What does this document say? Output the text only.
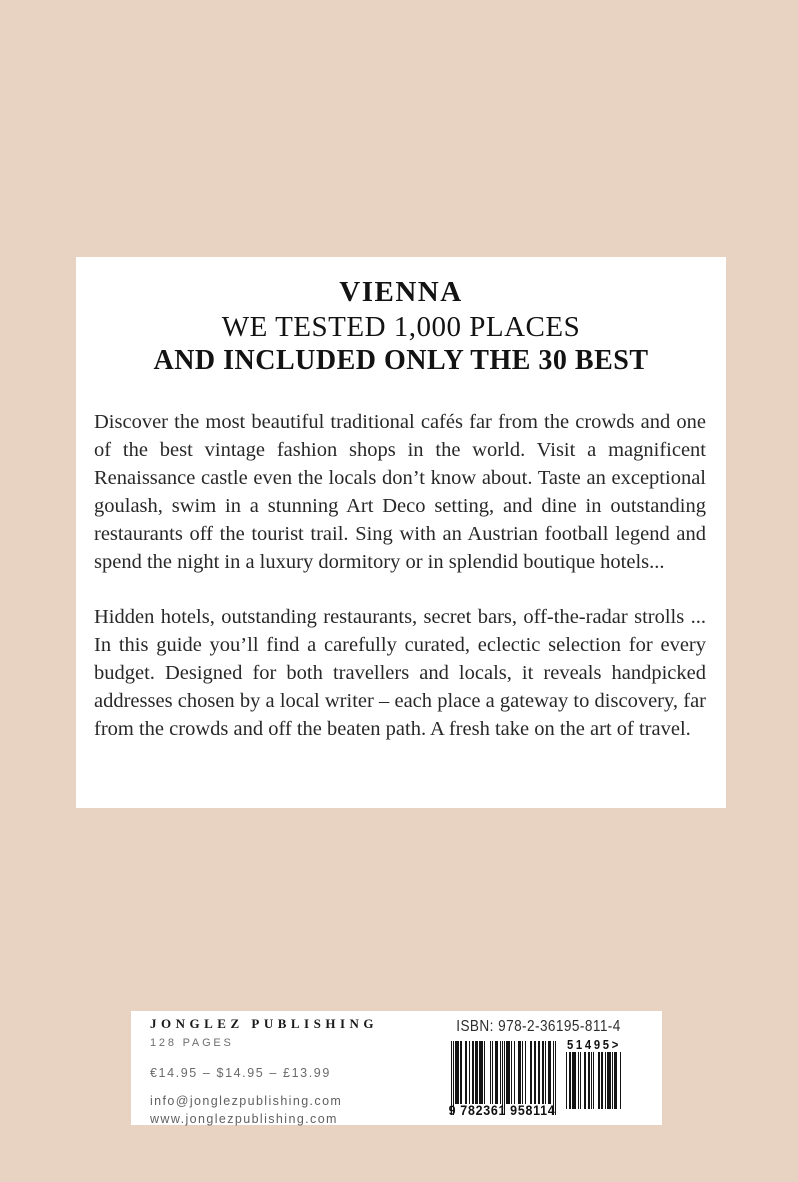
VIENNA

WE TESTED 1,000 PLACES

AND INCLUDED ONLY THE 30 BEST

Discover the most beautiful traditional cafés far from the crowds and one of the best vintage fashion shops in the world. Visit a magnificent Renaissance castle even the locals don’t know about. Taste an exceptional goulash, swim in a stunning Art Deco setting, and dine in outstanding restaurants off the tourist trail. Sing with an Austrian football legend and spend the night in a luxury dormitory or in splendid boutique hotels...

Hidden hotels, outstanding restaurants, secret bars, off-the-radar strolls ... In this guide you’ll find a carefully curated, eclectic selection for every budget. Designed for both travellers and locals, it reveals handpicked addresses chosen by a local writer – each place a gateway to discovery, far from the crowds and off the beaten path. A fresh take on the art of travel.

JONGLEZ PUBLISHING
128 PAGES
€14.95 – $14.95 – £13.99
info@jonglezpublishing.com
www.jonglezpublishing.com
ISBN: 978-2-36195-811-4
9 782361 958114
51495>
